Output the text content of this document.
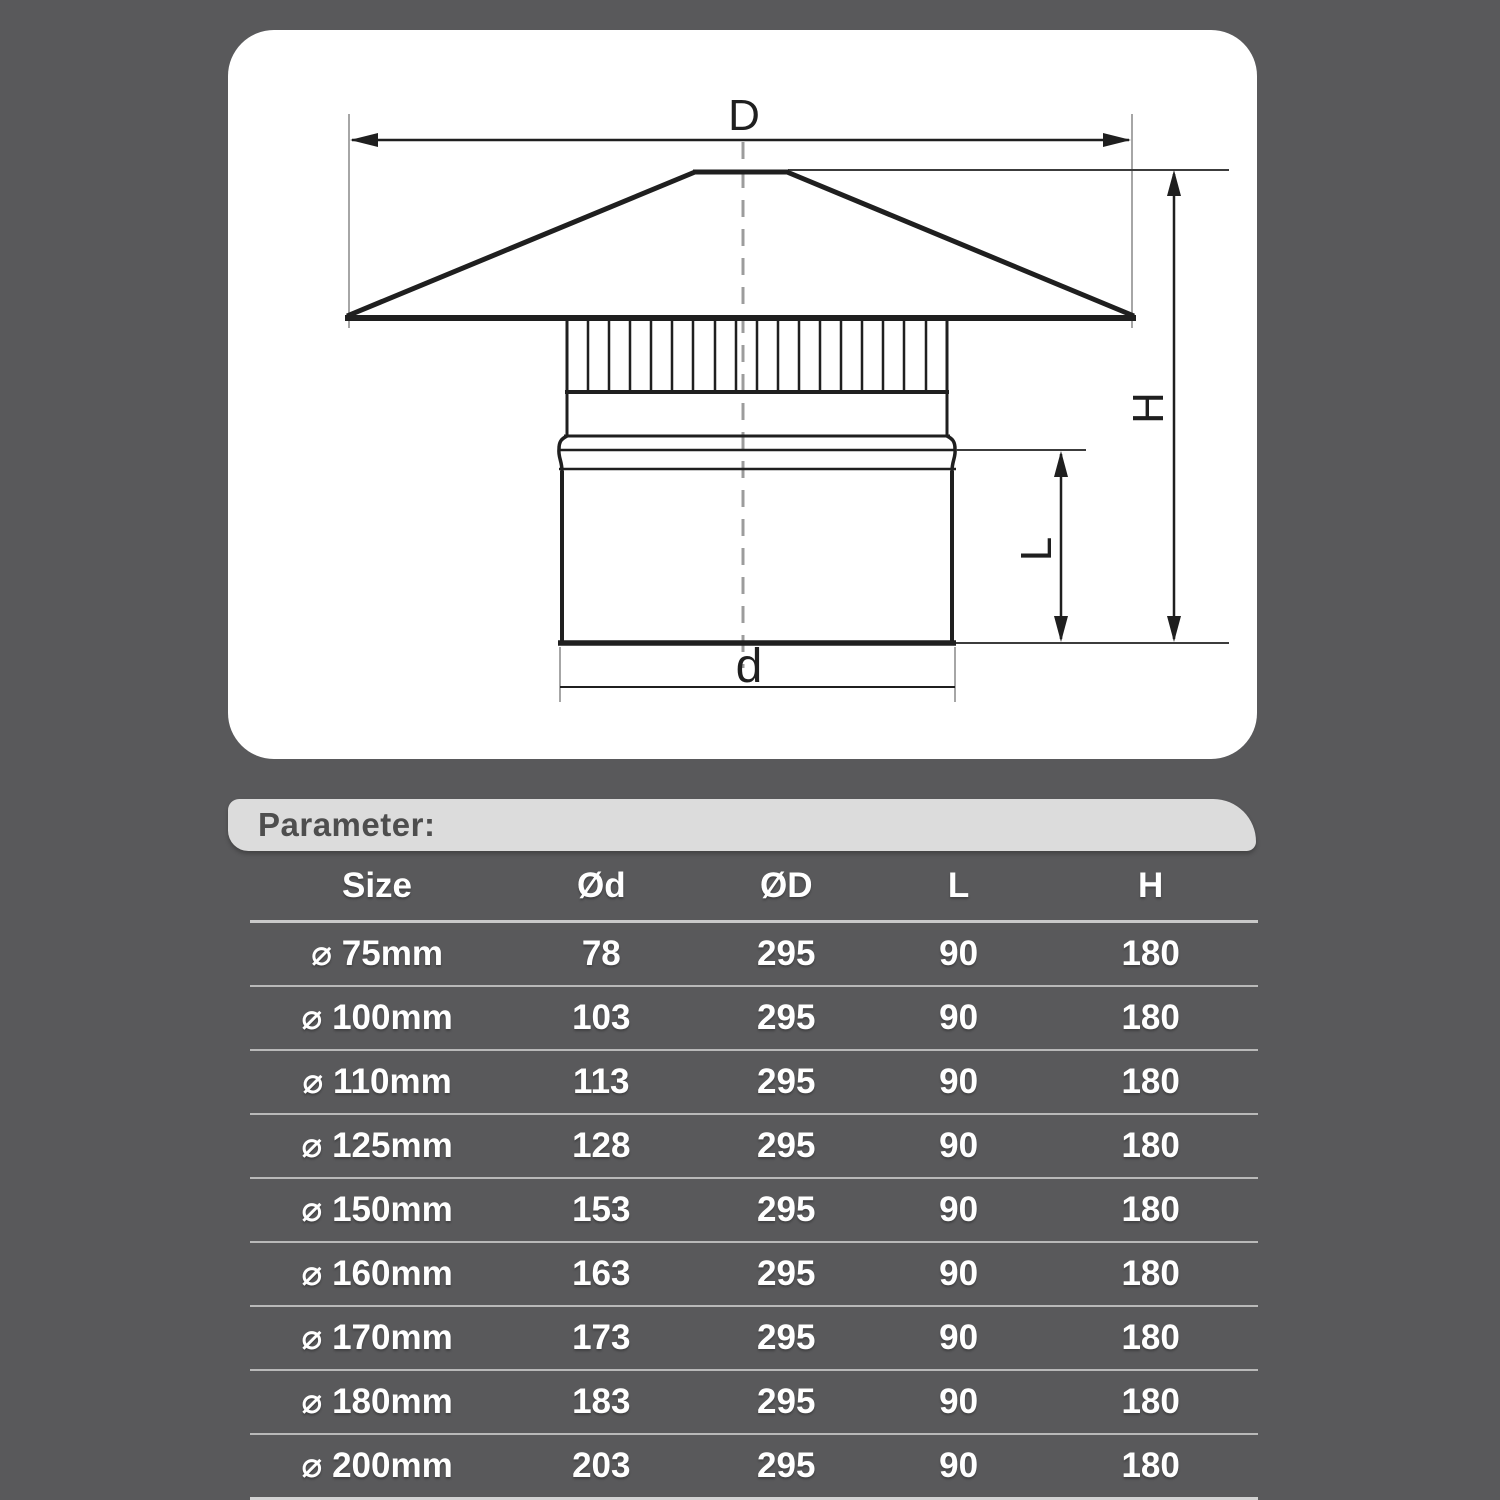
D
L
H
d
Parameter:
Size	Ød	ØD	L	H
⌀ 75mm	78	295	90	180
⌀ 100mm	103	295	90	180
⌀ 110mm	113	295	90	180
⌀ 125mm	128	295	90	180
⌀ 150mm	153	295	90	180
⌀ 160mm	163	295	90	180
⌀ 170mm	173	295	90	180
⌀ 180mm	183	295	90	180
⌀ 200mm	203	295	90	180
